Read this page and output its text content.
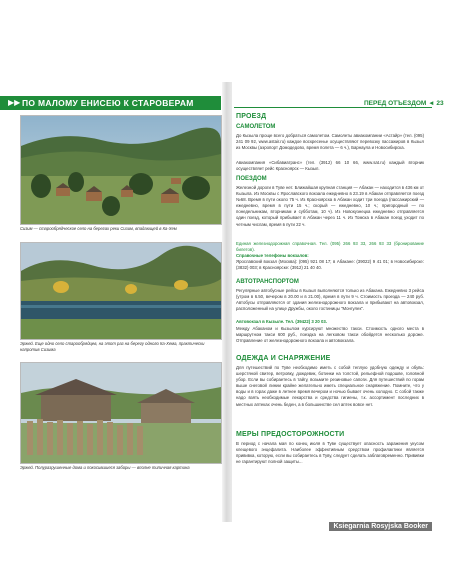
▶▶ ПО МАЛОМУ ЕНИСЕЮ К СТАРОВЕРАМ
Сизим — старообрядческое село на берегах реки Сизим, впадающей в Ка-Хем
Эржей. Еще одно село старообрядцев, на этот раз на берегу одного Ка-Хема, практически напротив Сизима
Эржей. Полуразрушенные дома и покосившиеся заборы — вполне типичная картина
ПЕРЕД ОТЪЕЗДОМ ◄ 23
ПРОЕЗД
САМОЛЕТОМ
До Кызыла проще всего добраться самолетом. Самолеты авиакомпании «Астайр» (тел. (095) 241 09 92, www.astair.ru) каждое воскресенье осуществляют перевозку пассажиров в Кызыл из Москвы (аэропорт Домодедово, время полета — 6 ч.), Барнаула и Новосибирска.
Авиакомпания «Сибавиатранс» (тел. (3912) 66 10 66, www.sat.ru) каждый вторник осуществляет рейс Красноярск — Кызыл.
ПОЕЗДОМ
Железной дороги в Туве нет. Ближайшая крупная станция — Абакан — находится в 436 км от Кызыла. Из Москвы с Ярославского вокзала ежедневно в 23.19 в Абакан отправляется поезд №68. Время в пути около 75 ч. Из Красноярска в Абакан ходит три поезда (пассажирский — ежедневно, время в пути 15 ч.; скорый — ежедневно, 10 ч.; пригородный — по понедельникам, вторникам и субботам, 10 ч). Из Новокузнецка ежедневно отправляется один поезд, который прибывает в Абакан через 11 ч. Из Томска в Абакан поезд уходит по четным числам, время в пути 22 ч.
Единая железнодорожная справочная. Тел. (095) 266 93 33, 266 93 33 (бронирование билетов).
Справочные телефоны вокзалов:
Ярославский вокзал (Москва): (095) 921 08 17; в Абакане: (39022) 9 41 01; в Новосибирске: (3832) 003; в Красноярске: (3912) 21 40 40.
АВТОТРАНСПОРТОМ
Регулярные автобусные рейсы в Кызыл выполняются только из Абакана. Ежедневно 3 рейса (утром в 6.50, вечером в 20.00 и в 21.00), время в пути 9 ч. Стоимость проезда — 240 руб. Автобусы отправляются от здания железнодорожного вокзала и прибывают на автовокзал, расположенный на улице Дружбы, около гостиницы "Монгулек".
Автовокзал в Кызыле. Тел. (39422) 3 20 03.
Между Абаканом и Кызылом курсируют множество такси. Стоимость одного места в маршрутном такси 600 руб., поездка на легковом такси обойдется несколько дороже. Отправление от железнодорожного вокзала и автовокзала.
ОДЕЖДА И СНАРЯЖЕНИЕ
Для путешествий по Туве необходимо иметь с собой теплую удобную одежду и обувь: шерстяной свитер, ветровку, дождевик, ботинки на толстой, рельефной подошве, головной убор. Если вы собираетесь в тайгу, возьмите резиновые сапоги. Для путешествий по горам выше снеговой линии крайне желательно иметь специальное снаряжение. Помните, что у воды и в горах даже в летнее время вечером и ночью бывает очень холодно. С собой также надо взять необходимые лекарства и средства гигиены, т.к. ассортимент последних в местных аптеках очень беден, а в большинстве сел аптек вовсе нет.
МЕРЫ ПРЕДОСТОРОЖНОСТИ
В период с начала мая по конец июля в Туве существует опасность заражения укусом клещевого энцефалита. Наиболее эффективным средством профилактики является прививка, которую, если вы собираетесь в Туву, следует сделать заблаговременно. Прививки не гарантируют полной защиты...
Ksiegarnia Rosyjska Booker
